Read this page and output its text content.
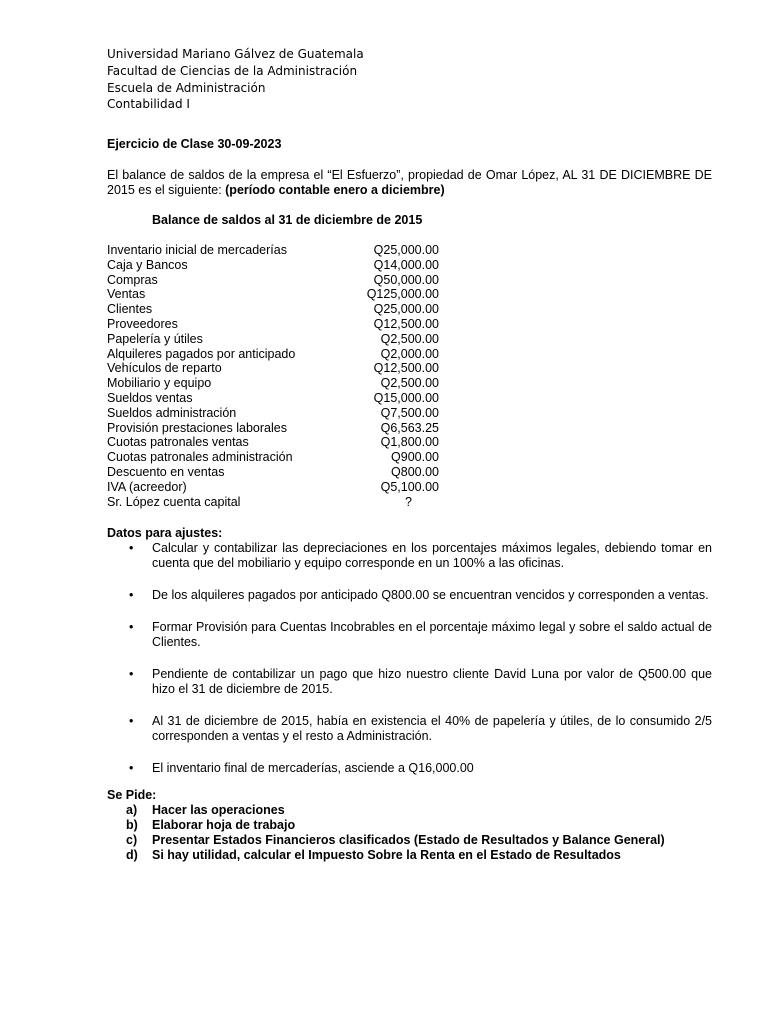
Universidad Mariano Gálvez de Guatemala
Facultad de Ciencias de la Administración
Escuela de Administración
Contabilidad I
Ejercicio de Clase 30-09-2023
El balance de saldos de la empresa el “El Esfuerzo”, propiedad de Omar López, AL 31 DE DICIEMBRE DE 2015 es el siguiente: (período contable enero a diciembre)
Balance de saldos al 31 de diciembre de 2015
Inventario inicial de mercaderías	Q25,000.00
Caja y Bancos	Q14,000.00
Compras	Q50,000.00
Ventas	Q125,000.00
Clientes	Q25,000.00
Proveedores	Q12,500.00
Papelería y útiles	Q2,500.00
Alquileres pagados por anticipado	Q2,000.00
Vehículos de reparto	Q12,500.00
Mobiliario y equipo	Q2,500.00
Sueldos ventas	Q15,000.00
Sueldos administración	Q7,500.00
Provisión prestaciones laborales	Q6,563.25
Cuotas patronales ventas	Q1,800.00
Cuotas patronales administración	Q900.00
Descuento en ventas	Q800.00
IVA (acreedor)	Q5,100.00
Sr. López cuenta capital	?
Datos para ajustes:
• Calcular y contabilizar las depreciaciones en los porcentajes máximos legales, debiendo tomar en cuenta que del mobiliario y equipo corresponde en un 100% a las oficinas.
• De los alquileres pagados por anticipado Q800.00 se encuentran vencidos y corresponden a ventas.
• Formar Provisión para Cuentas Incobrables en el porcentaje máximo legal y sobre el saldo actual de Clientes.
• Pendiente de contabilizar un pago que hizo nuestro cliente David Luna por valor de Q500.00 que hizo el 31 de diciembre de 2015.
• Al 31 de diciembre de 2015, había en existencia el 40% de papelería y útiles, de lo consumido 2/5 corresponden a ventas y el resto a Administración.
• El inventario final de mercaderías, asciende a Q16,000.00
Se Pide:
a) Hacer las operaciones
b) Elaborar hoja de trabajo
c) Presentar Estados Financieros clasificados (Estado de Resultados y Balance General)
d) Si hay utilidad, calcular el Impuesto Sobre la Renta en el Estado de Resultados
